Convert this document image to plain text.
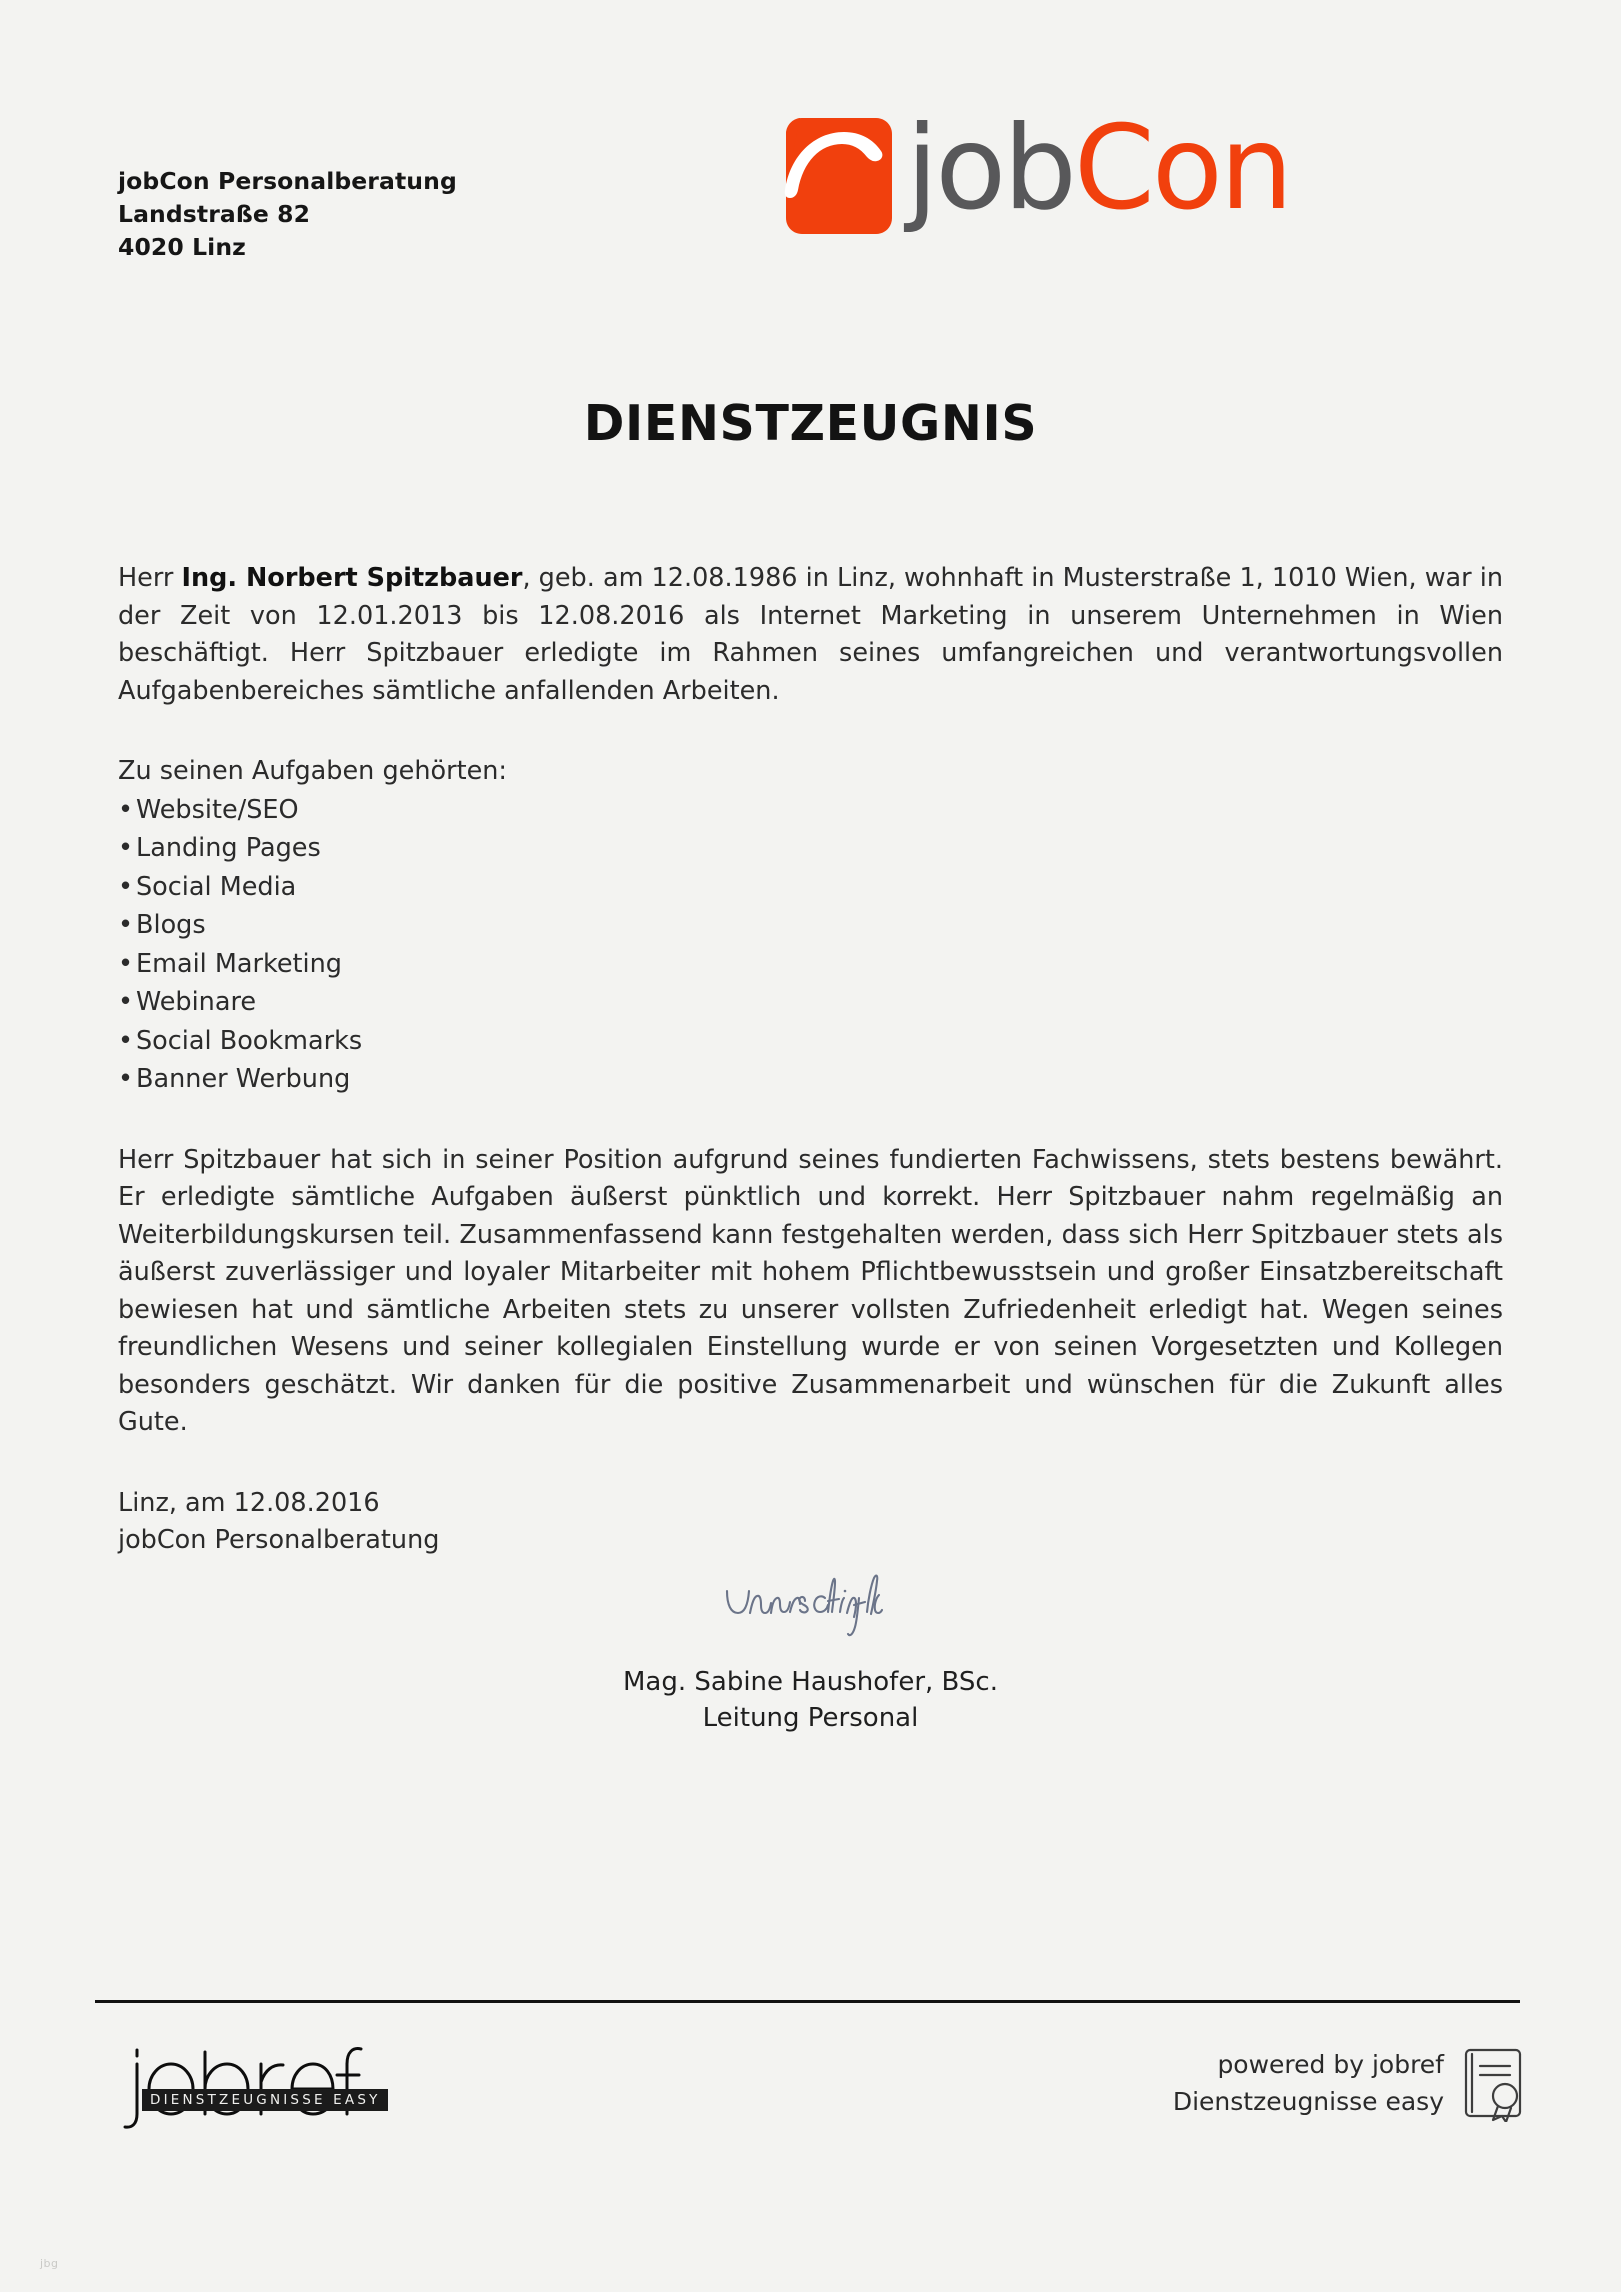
jobCon Personalberatung
Landstraße 82
4020 Linz
jobCon
DIENSTZEUGNIS

Herr Ing. Norbert Spitzbauer, geb. am 12.08.1986 in Linz, wohnhaft in Musterstraße 1, 1010 Wien, war in der Zeit von 12.01.2013 bis 12.08.2016 als Internet Marketing in unserem Unternehmen in Wien beschäftigt. Herr Spitzbauer erledigte im Rahmen seines umfangreichen und verantwortungsvollen Aufgabenbereiches sämtliche anfallenden Arbeiten.

Zu seinen Aufgaben gehörten:

• Website/SEO
• Landing Pages
• Social Media
• Blogs
• Email Marketing
• Webinare
• Social Bookmarks
• Banner Werbung

Herr Spitzbauer hat sich in seiner Position aufgrund seines fundierten Fachwissens, stets bestens bewährt. Er erledigte sämtliche Aufgaben äußerst pünktlich und korrekt. Herr Spitzbauer nahm regelmäßig an Weiterbildungskursen teil. Zusammenfassend kann festgehalten werden, dass sich Herr Spitzbauer stets als äußerst zuverlässiger und loyaler Mitarbeiter mit hohem Pflichtbewusstsein und großer Einsatzbereitschaft bewiesen hat und sämtliche Arbeiten stets zu unserer vollsten Zufriedenheit erledigt hat. Wegen seines freundlichen Wesens und seiner kollegialen Einstellung wurde er von seinen Vorgesetzten und Kollegen besonders geschätzt. Wir danken für die positive Zusammenarbeit und wünschen für die Zukunft alles Gute.

Linz, am 12.08.2016

jobCon Personalberatung

Mag. Sabine Haushofer, BSc.
Leitung Personal
DIENSTZEUGNISSE EASY
powered by jobref
Dienstzeugnisse easy
jbg
